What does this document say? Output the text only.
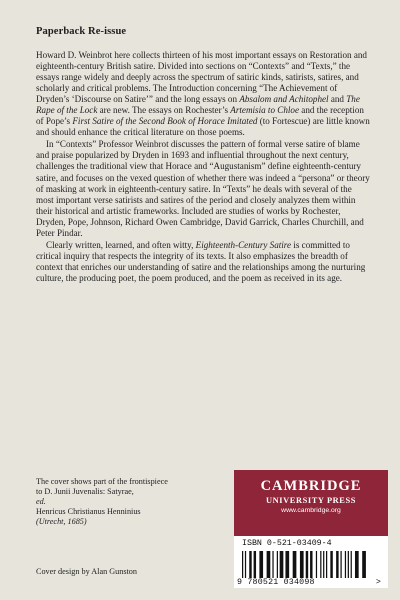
Paperback Re-issue

Howard D. Weinbrot here collects thirteen of his most important essays on Restoration and eighteenth-century British satire. Divided into sections on “Contexts” and “Texts,” the essays range widely and deeply across the spectrum of satiric kinds, satirists, satires, and scholarly and critical problems. The Introduction concerning “The Achievement of Dryden’s ‘Discourse on Satire’” and the long essays on Absalom and Achitophel and The Rape of the Lock are new. The essays on Rochester’s Artemisia to Chloe and the reception of Pope’s First Satire of the Second Book of Horace Imitated (to Fortescue) are little known and should enhance the critical literature on those poems.

In “Contexts” Professor Weinbrot discusses the pattern of formal verse satire of blame and praise popularized by Dryden in 1693 and influential throughout the next century, challenges the traditional view that Horace and “Augustanism” define eighteenth-century satire, and focuses on the vexed question of whether there was indeed a “persona” or theory of masking at work in eighteenth-century satire. In “Texts” he deals with several of the most important verse satirists and satires of the period and closely analyzes them within their historical and artistic frameworks. Included are studies of works by Rochester, Dryden, Pope, Johnson, Richard Owen Cambridge, David Garrick, Charles Churchill, and Peter Pindar.

Clearly written, learned, and often witty, Eighteenth-Century Satire is committed to critical inquiry that respects the integrity of its texts. It also emphasizes the breadth of context that enriches our understanding of satire and the relationships among the nurturing culture, the producing poet, the poem produced, and the poem as received in its age.

The cover shows part of the frontispiece
to D. Junii Juvenalis: Satyrae,
ed.
Henricus Christianus Henninius
(Utrecht, 1685)
Cover design by Alan Gunston
CAMBRIDGE
UNIVERSITY PRESS
www.cambridge.org
ISBN 0-521-03409-4
9 780521 034098	>
